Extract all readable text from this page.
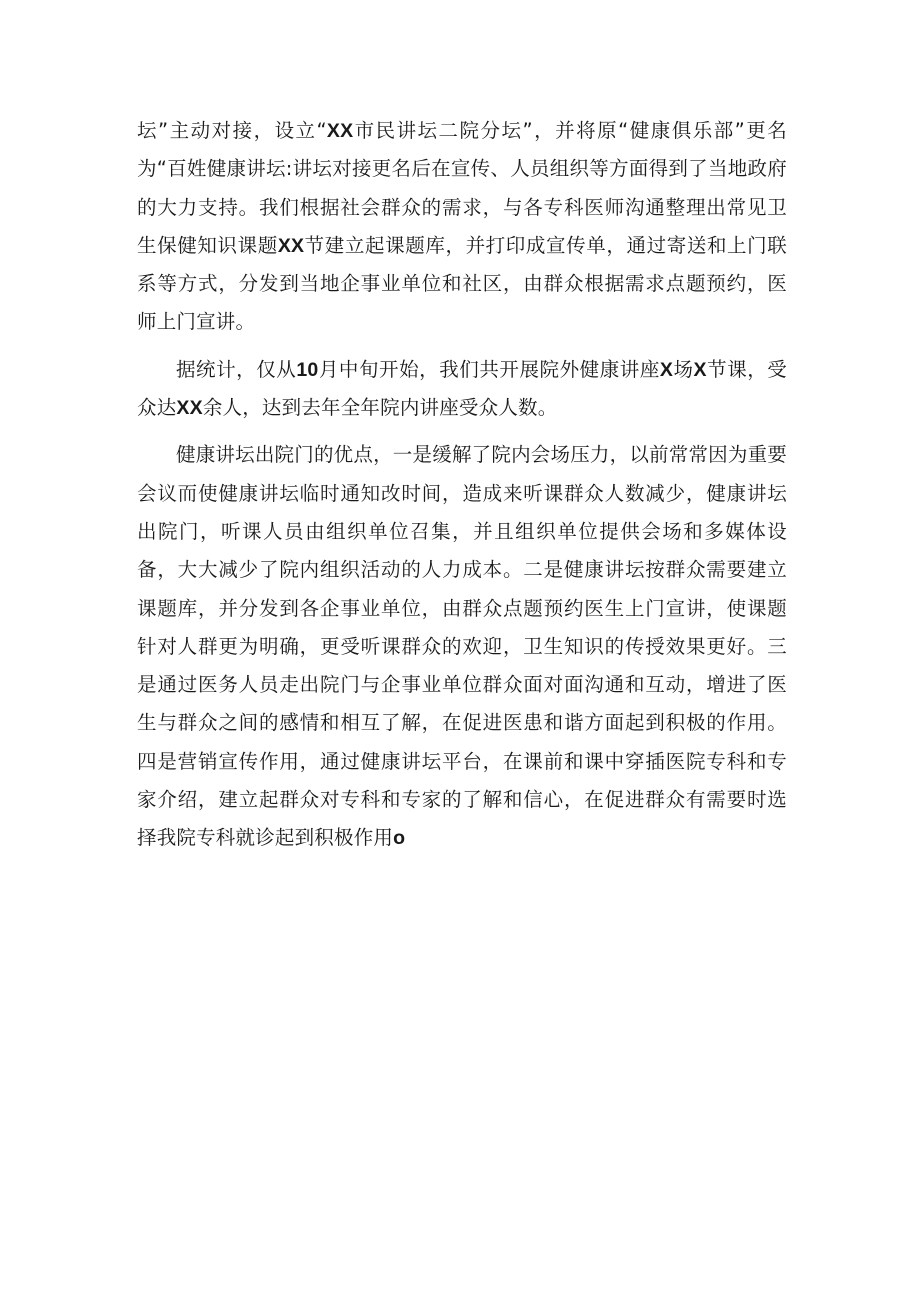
坛”主动对接，设立“XX市民讲坛二院分坛”，并将原“健康俱乐部”更名为“百姓健康讲坛:讲坛对接更名后在宣传、人员组织等方面得到了当地政府的大力支持。我们根据社会群众的需求，与各专科医师沟通整理出常见卫生保健知识课题XX节建立起课题库，并打印成宣传单，通过寄送和上门联系等方式，分发到当地企事业单位和社区，由群众根据需求点题预约，医师上门宣讲。

据统计，仅从10月中旬开始，我们共开展院外健康讲座X场X节课，受众达XX余人，达到去年全年院内讲座受众人数。

健康讲坛出院门的优点，一是缓解了院内会场压力，以前常常因为重要会议而使健康讲坛临时通知改时间，造成来听课群众人数减少，健康讲坛出院门，听课人员由组织单位召集，并且组织单位提供会场和多媒体设备，大大减少了院内组织活动的人力成本。二是健康讲坛按群众需要建立课题库，并分发到各企事业单位，由群众点题预约医生上门宣讲，使课题针对人群更为明确，更受听课群众的欢迎，卫生知识的传授效果更好。三是通过医务人员走出院门与企事业单位群众面对面沟通和互动，增进了医生与群众之间的感情和相互了解，在促进医患和谐方面起到积极的作用。四是营销宣传作用，通过健康讲坛平台，在课前和课中穿插医院专科和专家介绍，建立起群众对专科和专家的了解和信心，在促进群众有需要时选择我院专科就诊起到积极作用o
